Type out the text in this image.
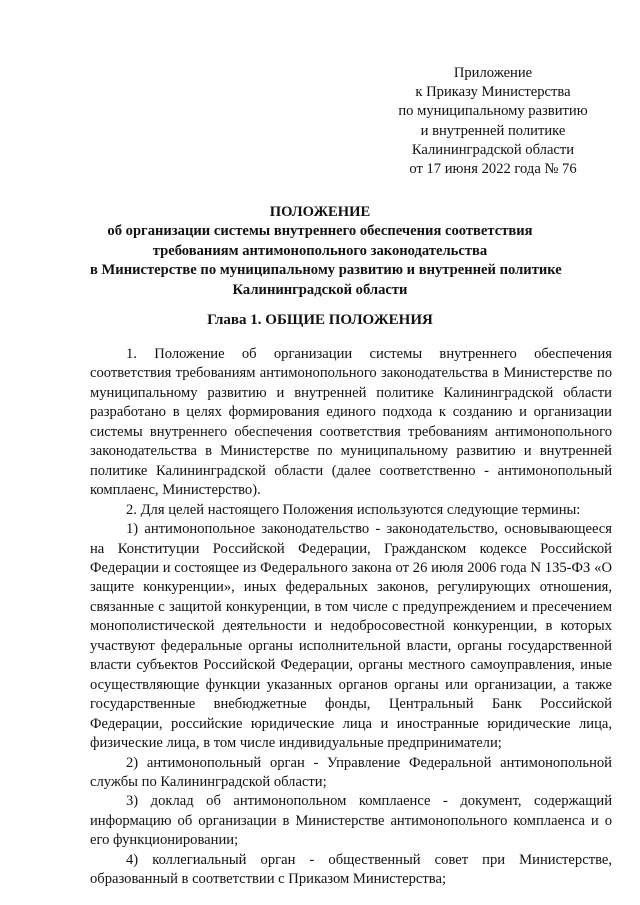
Приложение
к Приказу Министерства
по муниципальному развитию
и внутренней политике
Калининградской области
от 17 июня 2022 года № 76
ПОЛОЖЕНИЕ
об организации системы внутреннего обеспечения соответствия
требованиям антимонопольного законодательства
в Министерстве по муниципальному развитию и внутренней политике
Калининградской области
Глава 1. ОБЩИЕ ПОЛОЖЕНИЯ

1. Положение об организации системы внутреннего обеспечения соответствия требованиям антимонопольного законодательства в Министерстве по муниципальному развитию и внутренней политике Калининградской области разработано в целях формирования единого подхода к созданию и организации системы внутреннего обеспечения соответствия требованиям антимонопольного законодательства в Министерстве по муниципальному развитию и внутренней политике Калининградской области (далее соответственно - антимонопольный комплаенс, Министерство).

2. Для целей настоящего Положения используются следующие термины:

1) антимонопольное законодательство - законодательство, основывающееся на Конституции Российской Федерации, Гражданском кодексе Российской Федерации и состоящее из Федерального закона от 26 июля 2006 года N 135-ФЗ «О защите конкуренции», иных федеральных законов, регулирующих отношения, связанные с защитой конкуренции, в том числе с предупреждением и пресечением монополистической деятельности и недобросовестной конкуренции, в которых участвуют федеральные органы исполнительной власти, органы государственной власти субъектов Российской Федерации, органы местного самоуправления, иные осуществляющие функции указанных органов органы или организации, а также государственные внебюджетные фонды, Центральный Банк Российской Федерации, российские юридические лица и иностранные юридические лица, физические лица, в том числе индивидуальные предприниматели;

2) антимонопольный орган - Управление Федеральной антимонопольной службы по Калининградской области;

3) доклад об антимонопольном комплаенсе - документ, содержащий информацию об организации в Министерстве антимонопольного комплаенса и о его функционировании;

4) коллегиальный орган - общественный совет при Министерстве, образованный в соответствии с Приказом Министерства;
